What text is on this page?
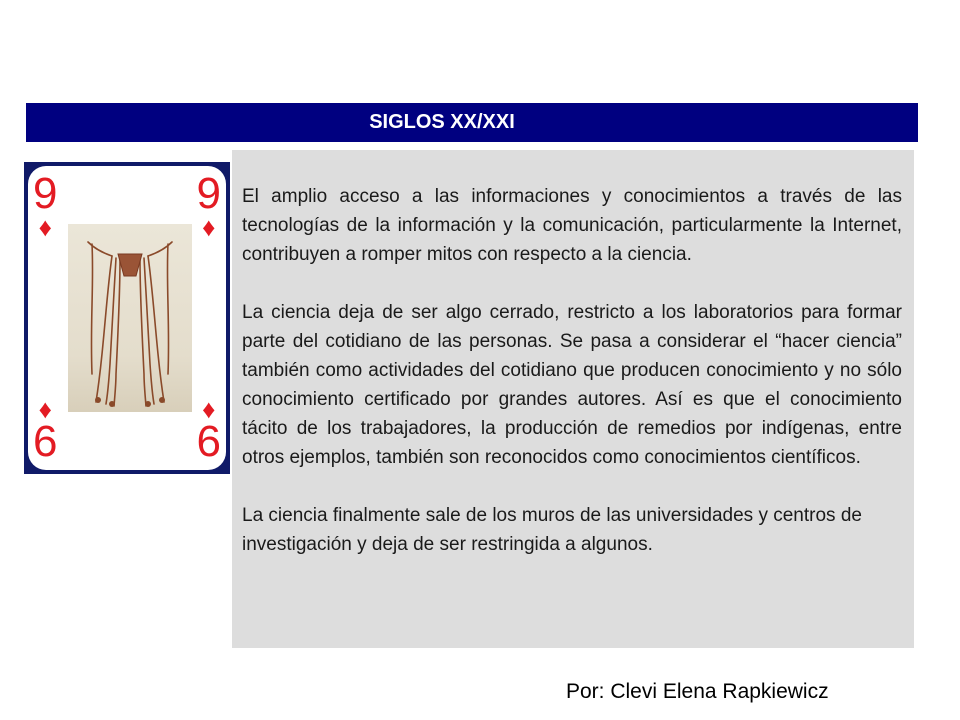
SIGLOS XX/XXI
9
♦
9
♦
♦
6
♦
6

El amplio acceso a las informaciones y conocimientos a través de las tecnologías de la información y la comunicación, particularmente la Internet, contribuyen a romper mitos con respecto a la ciencia.

La ciencia deja de ser algo cerrado, restricto a los laboratorios para formar parte del cotidiano de las personas. Se pasa a considerar el “hacer ciencia” también como actividades del cotidiano que producen conocimiento y no sólo conocimiento certificado por grandes autores. Así es que el conocimiento tácito de los trabajadores, la producción de remedios por indígenas, entre otros ejemplos, también son reconocidos como conocimientos científicos.

La ciencia finalmente sale de los muros de las universidades y centros de investigación y deja de ser restringida a algunos.

Por: Clevi Elena Rapkiewicz
